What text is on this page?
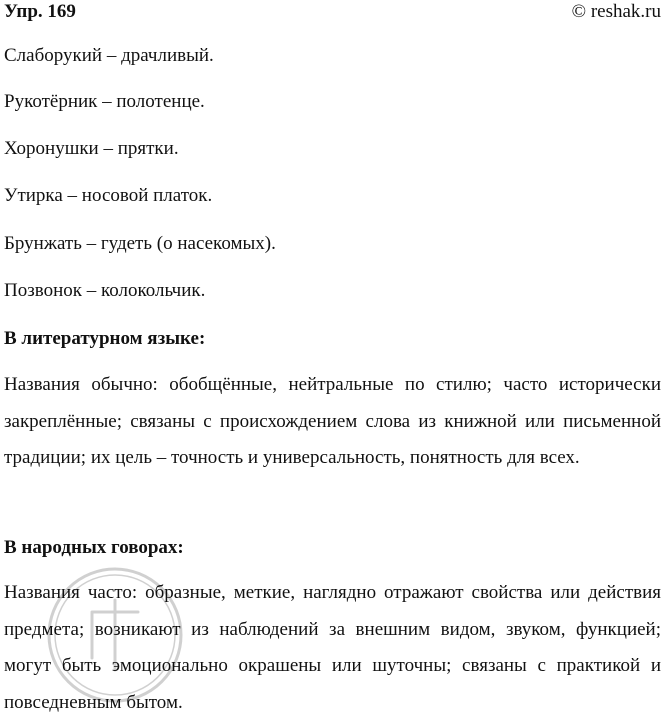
Упр. 169	© reshak.ru
Слаборукий – драчливый.
Рукотёрник – полотенце.
Хоронушки – прятки.
Утирка – носовой платок.
Брунжать – гудеть (о насекомых).
Позвонок – колокольчик.
В литературном языке:
Названия обычно: обобщённые, нейтральные по стилю; часто исторически закреплённые; связаны с происхождением слова из книжной или письменной традиции; их цель – точность и универсальность, понятность для всех.
В народных говорах:
Названия часто: образные, меткие, наглядно отражают свойства или действия предмета; возникают из наблюдений за внешним видом, звуком, функцией; могут быть эмоционально окрашены или шуточны; связаны с практикой и повседневным бытом.
